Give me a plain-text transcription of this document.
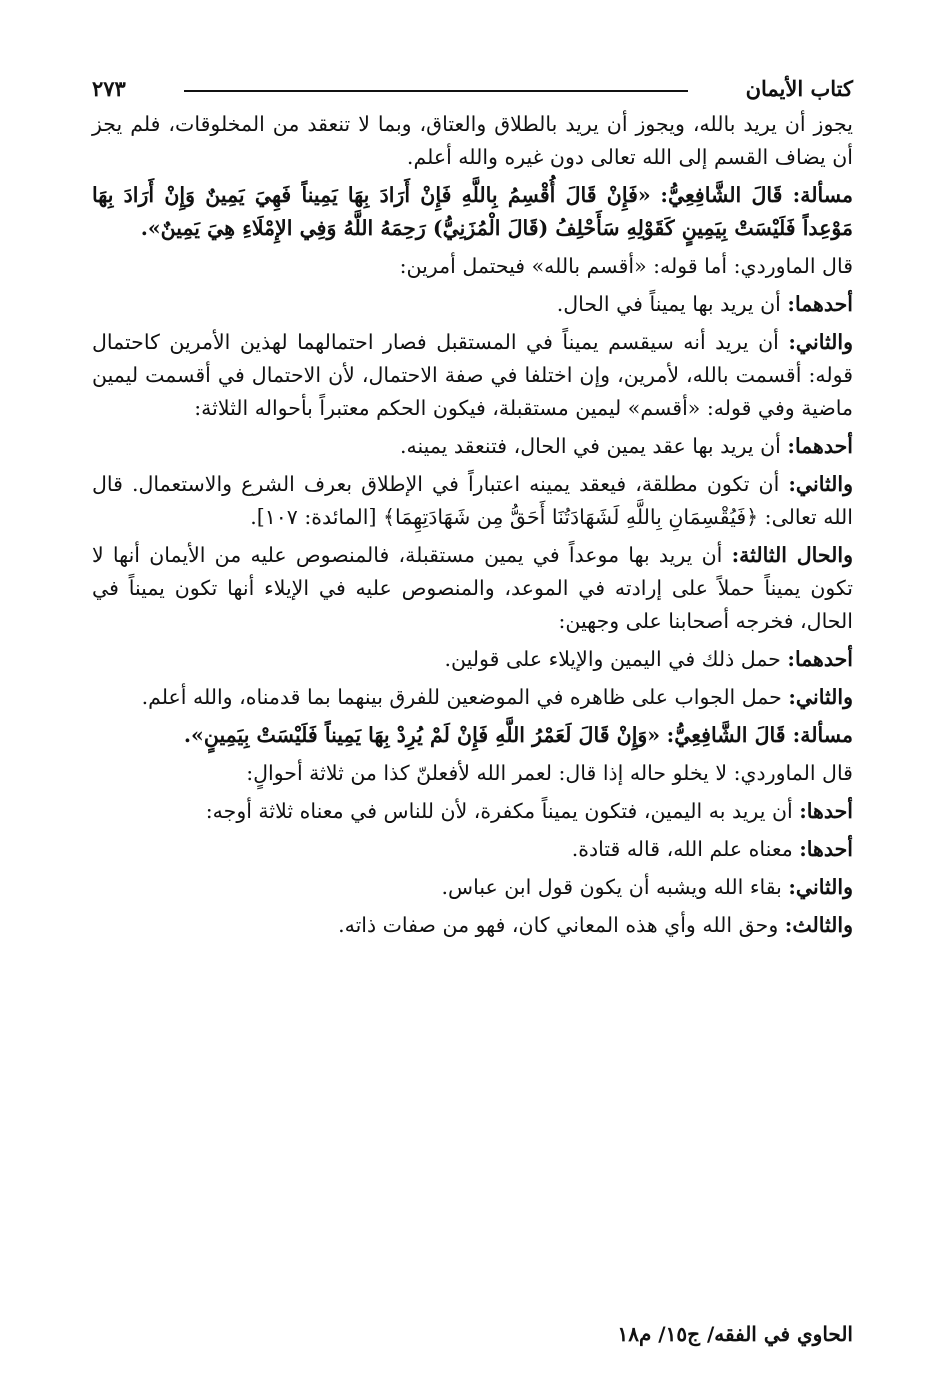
كتاب الأيمان
٢٧٣

يجوز أن يريد بالله، ويجوز أن يريد بالطلاق والعتاق، وبما لا تنعقد من المخلوقات، فلم يجز أن يضاف القسم إلى الله تعالى دون غيره والله أعلم.

مسألة: قَالَ الشَّافِعِيُّ: «فَإِنْ قَالَ أُقْسِمُ بِاللَّهِ فَإِنْ أَرَادَ بِهَا يَمِيناً فَهِيَ يَمِينٌ وَإِنْ أَرَادَ بِهَا مَوْعِداً فَلَيْسَتْ بِيَمِينٍ كَقَوْلِهِ سَأَحْلِفُ (قَالَ الْمُزَنِيُّ) رَحِمَهُ اللَّهُ وَفِي الإِمْلَاءِ هِيَ يَمِينٌ».

قال الماوردي: أما قوله: «أقسم بالله» فيحتمل أمرين:

أحدهما: أن يريد بها يميناً في الحال.

والثاني: أن يريد أنه سيقسم يميناً في المستقبل فصار احتمالهما لهذين الأمرين كاحتمال قوله: أقسمت بالله، لأمرين، وإن اختلفا في صفة الاحتمال، لأن الاحتمال في أقسمت ليمين ماضية وفي قوله: «أقسم» ليمين مستقبلة، فيكون الحكم معتبراً بأحواله الثلاثة:

أحدهما: أن يريد بها عقد يمين في الحال، فتنعقد يمينه.

والثاني: أن تكون مطلقة، فيعقد يمينه اعتباراً في الإطلاق بعرف الشرع والاستعمال. قال الله تعالى: ﴿فَيُقْسِمَانِ بِاللَّهِ لَشَهَادَتُنَا أَحَقُّ مِن شَهَادَتِهِمَا﴾ [المائدة: ١٠٧].

والحال الثالثة: أن يريد بها موعداً في يمين مستقبلة، فالمنصوص عليه من الأيمان أنها لا تكون يميناً حملاً على إرادته في الموعد، والمنصوص عليه في الإيلاء أنها تكون يميناً في الحال، فخرجه أصحابنا على وجهين:

أحدهما: حمل ذلك في اليمين والإيلاء على قولين.

والثاني: حمل الجواب على ظاهره في الموضعين للفرق بينهما بما قدمناه، والله أعلم.

مسألة: قَالَ الشَّافِعِيُّ: «وَإِنْ قَالَ لَعَمْرُ اللَّهِ فَإِنْ لَمْ يُرِدْ بِهَا يَمِيناً فَلَيْسَتْ بِيَمِينٍ».

قال الماوردي: لا يخلو حاله إذا قال: لعمر الله لأفعلنّ كذا من ثلاثة أحوالٍ:

أحدها: أن يريد به اليمين، فتكون يميناً مكفرة، لأن للناس في معناه ثلاثة أوجه:

أحدها: معناه علم الله، قاله قتادة.

والثاني: بقاء الله ويشبه أن يكون قول ابن عباس.

والثالث: وحق الله وأي هذه المعاني كان، فهو من صفات ذاته.

الحاوي في الفقه/ ج١٥/ م١٨
